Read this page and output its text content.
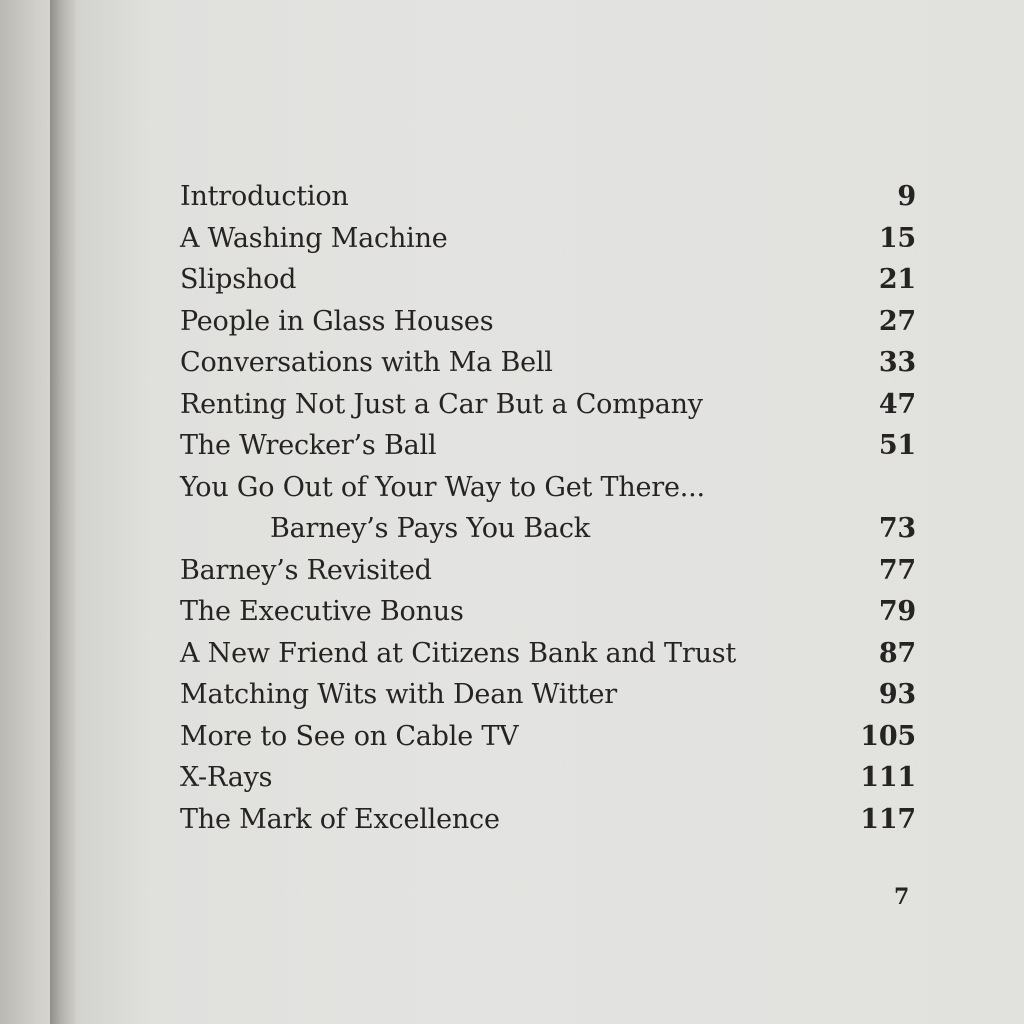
Introduction	9
A Washing Machine	15
Slipshod	21
People in Glass Houses	27
Conversations with Ma Bell	33
Renting Not Just a Car But a Company	47
The Wrecker’s Ball	51
You Go Out of Your Way to Get There...
Barney’s Pays You Back	73
Barney’s Revisited	77
The Executive Bonus	79
A New Friend at Citizens Bank and Trust	87
Matching Wits with Dean Witter	93
More to See on Cable TV	105
X-Rays	111
The Mark of Excellence	117
7
